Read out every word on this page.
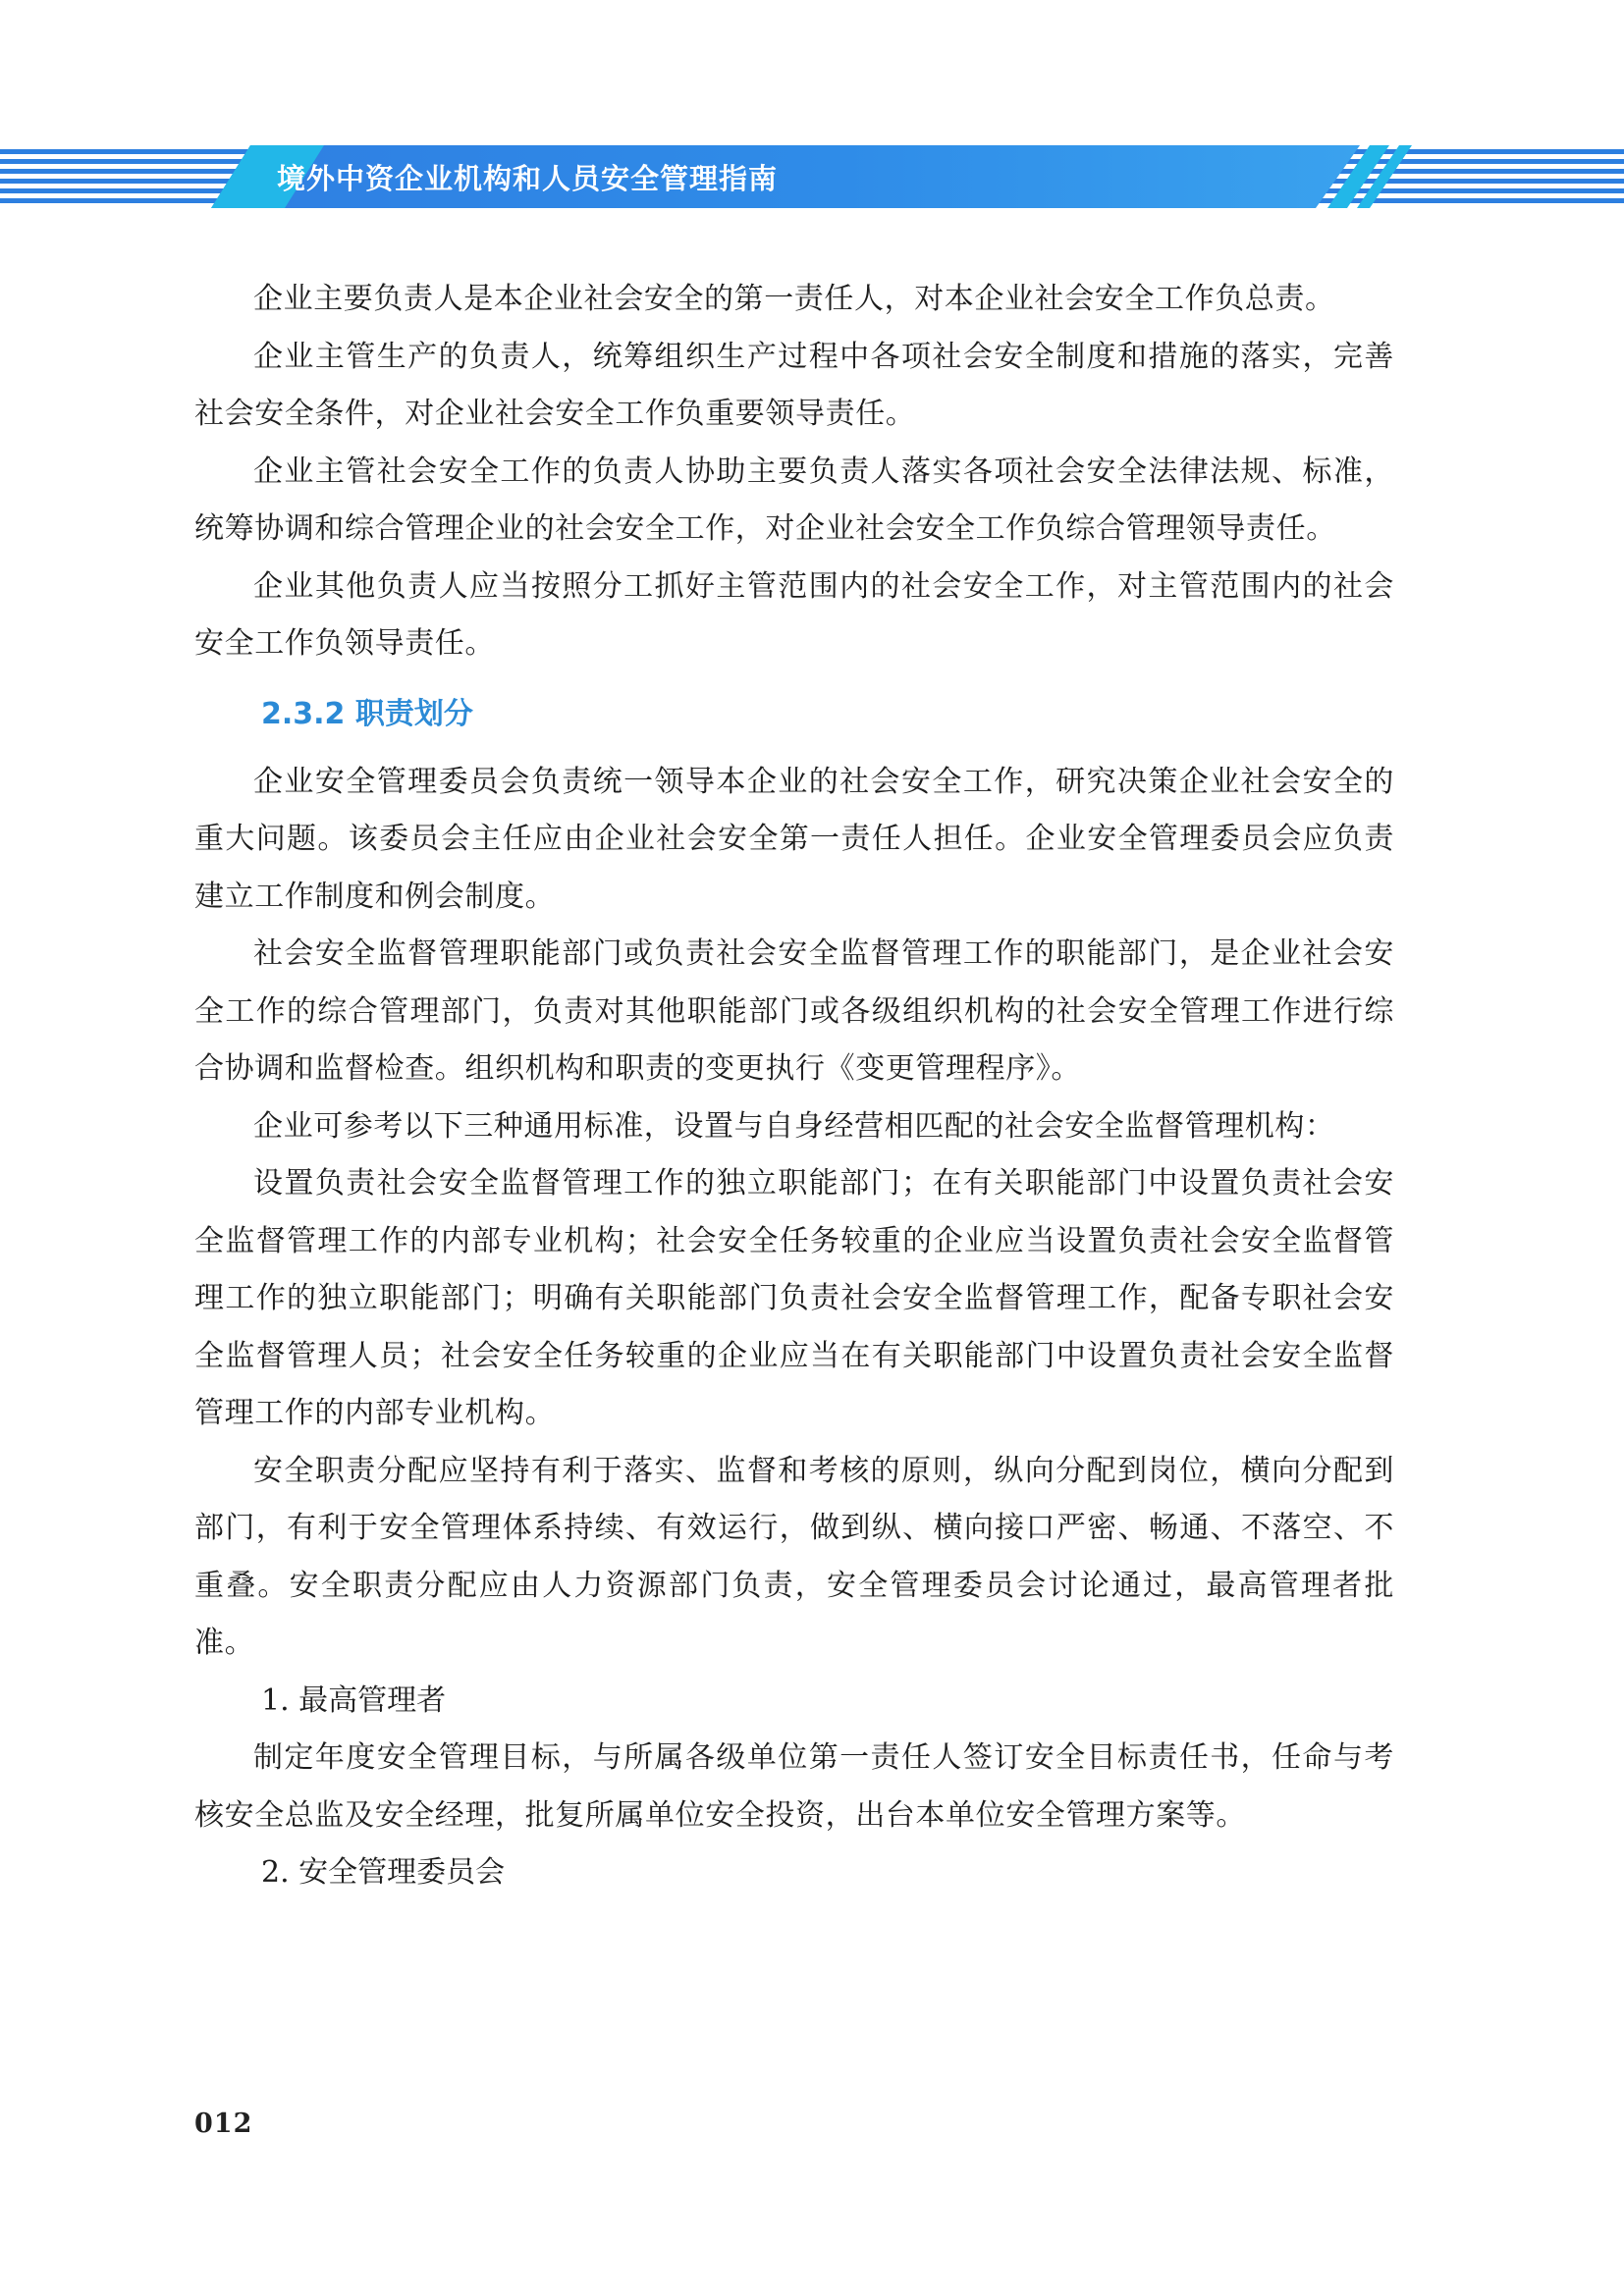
境外中资企业机构和人员安全管理指南

企业主要负责人是本企业社会安全的第一责任人，对本企业社会安全工作负总责。

企业主管生产的负责人，统筹组织生产过程中各项社会安全制度和措施的落实，完善社会安全条件，对企业社会安全工作负重要领导责任。

企业主管社会安全工作的负责人协助主要负责人落实各项社会安全法律法规、标准，统筹协调和综合管理企业的社会安全工作，对企业社会安全工作负综合管理领导责任。

企业其他负责人应当按照分工抓好主管范围内的社会安全工作，对主管范围内的社会安全工作负领导责任。

2.3.2 职责划分

企业安全管理委员会负责统一领导本企业的社会安全工作，研究决策企业社会安全的重大问题。该委员会主任应由企业社会安全第一责任人担任。企业安全管理委员会应负责建立工作制度和例会制度。

社会安全监督管理职能部门或负责社会安全监督管理工作的职能部门，是企业社会安全工作的综合管理部门，负责对其他职能部门或各级组织机构的社会安全管理工作进行综合协调和监督检查。组织机构和职责的变更执行《变更管理程序》。

企业可参考以下三种通用标准，设置与自身经营相匹配的社会安全监督管理机构：

设置负责社会安全监督管理工作的独立职能部门；在有关职能部门中设置负责社会安全监督管理工作的内部专业机构；社会安全任务较重的企业应当设置负责社会安全监督管理工作的独立职能部门；明确有关职能部门负责社会安全监督管理工作，配备专职社会安全监督管理人员；社会安全任务较重的企业应当在有关职能部门中设置负责社会安全监督管理工作的内部专业机构。

安全职责分配应坚持有利于落实、监督和考核的原则，纵向分配到岗位，横向分配到部门，有利于安全管理体系持续、有效运行，做到纵、横向接口严密、畅通、不落空、不重叠。安全职责分配应由人力资源部门负责，安全管理委员会讨论通过，最高管理者批准。

1. 最高管理者

制定年度安全管理目标，与所属各级单位第一责任人签订安全目标责任书，任命与考核安全总监及安全经理，批复所属单位安全投资，出台本单位安全管理方案等。

2. 安全管理委员会

012
